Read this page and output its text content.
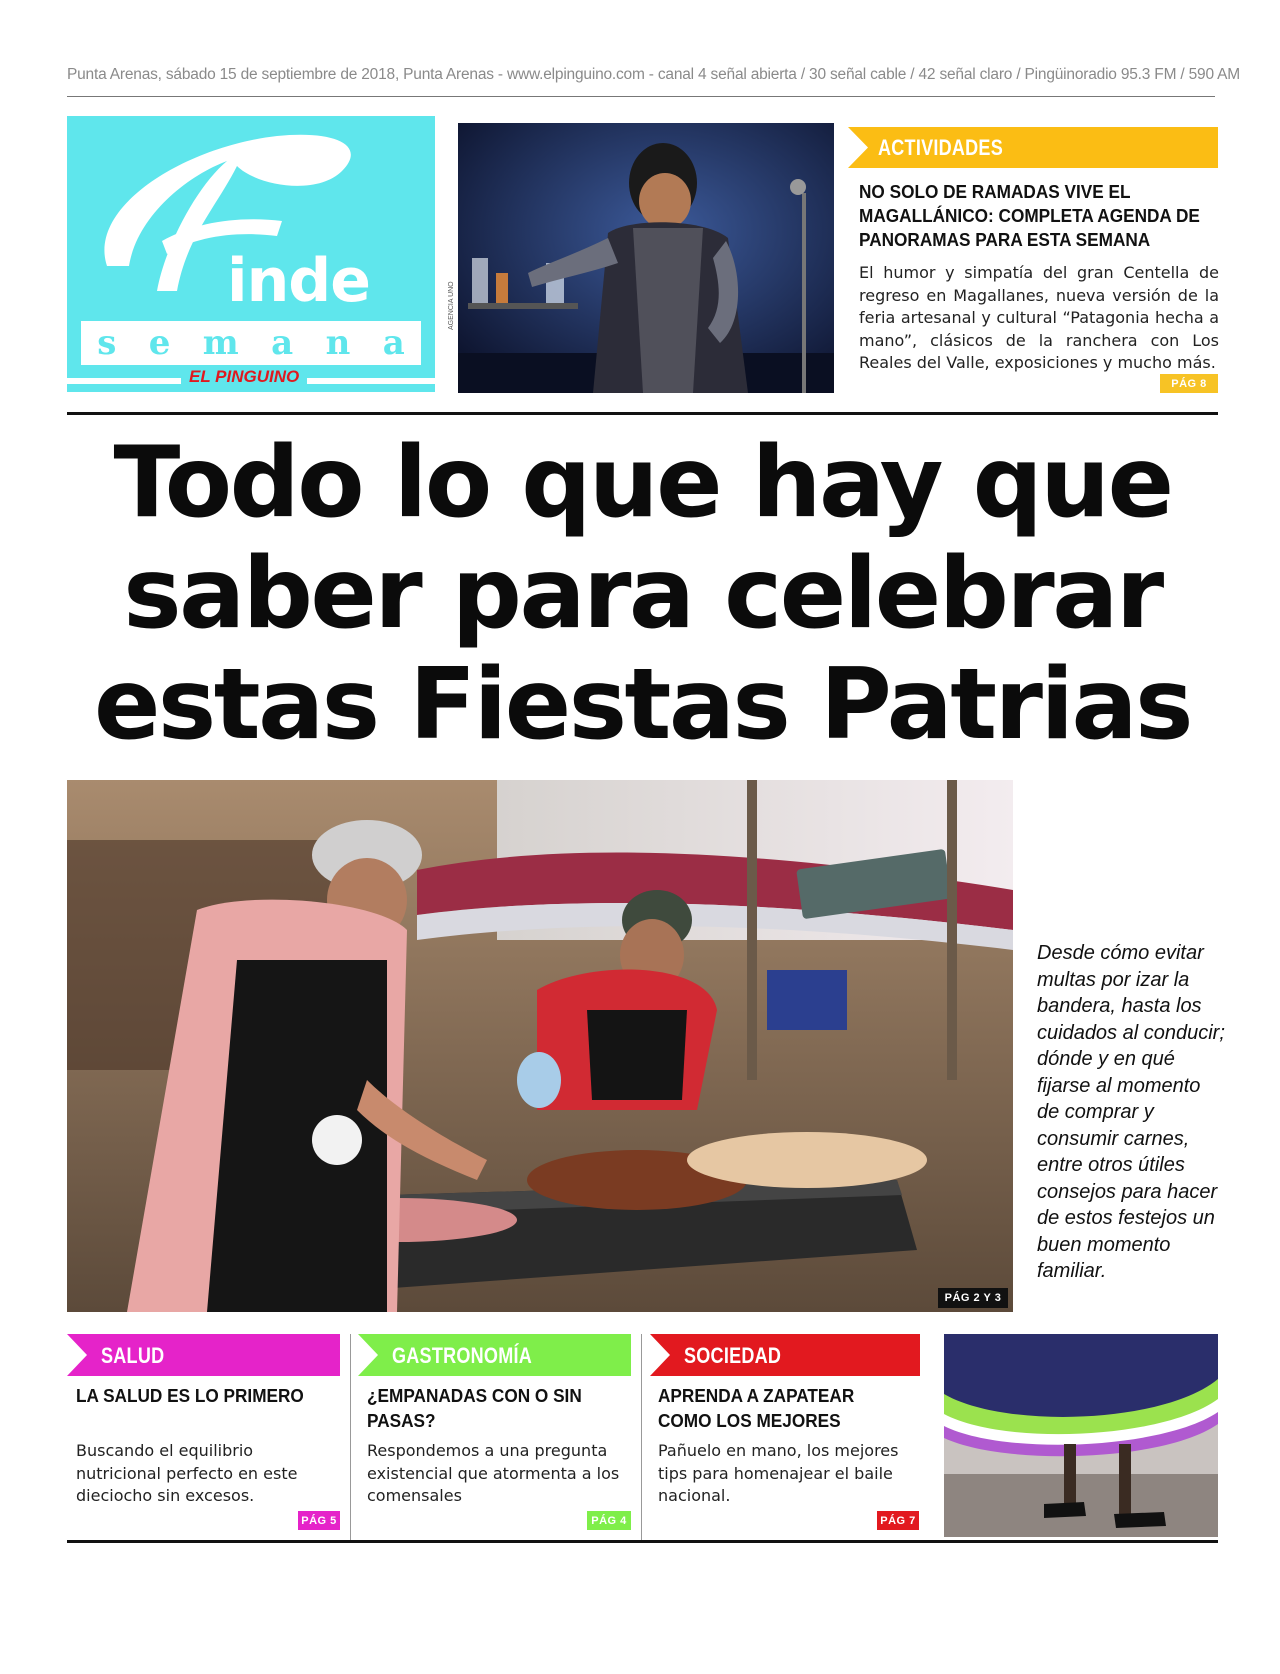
Punta Arenas, sábado 15 de septiembre de 2018, Punta Arenas - www.elpinguino.com - canal 4 señal abierta / 30 señal cable / 42 señal claro / Pingüinoradio 95.3 FM / 590 AM
inde
s e m a n a
EL PINGUINO
AGENCIA UNO
ACTIVIDADES
NO SOLO DE RAMADAS VIVE EL MAGALLÁNICO: COMPLETA AGENDA DE PANORAMAS PARA ESTA SEMANA
El humor y simpatía del gran Centella de regreso en Magallanes, nueva versión de la feria artesanal y cultural “Patagonia hecha a mano”, clásicos de la ranchera con Los Reales del Valle, exposiciones y mucho más.
PÁG 8
Todo lo que hay que
saber para celebrar
estas Fiestas Patrias
PÁG 2 Y 3
Desde cómo evitar multas por izar la bandera, hasta los cuidados al conducir; dónde y en qué fijarse al momento de comprar y consumir carnes, entre otros útiles consejos para hacer de estos festejos un buen momento familiar.
SALUD
LA SALUD ES LO PRIMERO
Buscando el equilibrio nutricional perfecto en este dieciocho sin excesos.
PÁG 5
GASTRONOMÍA
¿EMPANADAS CON O SIN PASAS?
Respondemos a una pregunta existencial que atormenta a los comensales
PÁG 4
SOCIEDAD
APRENDA A ZAPATEAR COMO LOS MEJORES
Pañuelo en mano, los mejores tips para homenajear el baile nacional.
PÁG 7
